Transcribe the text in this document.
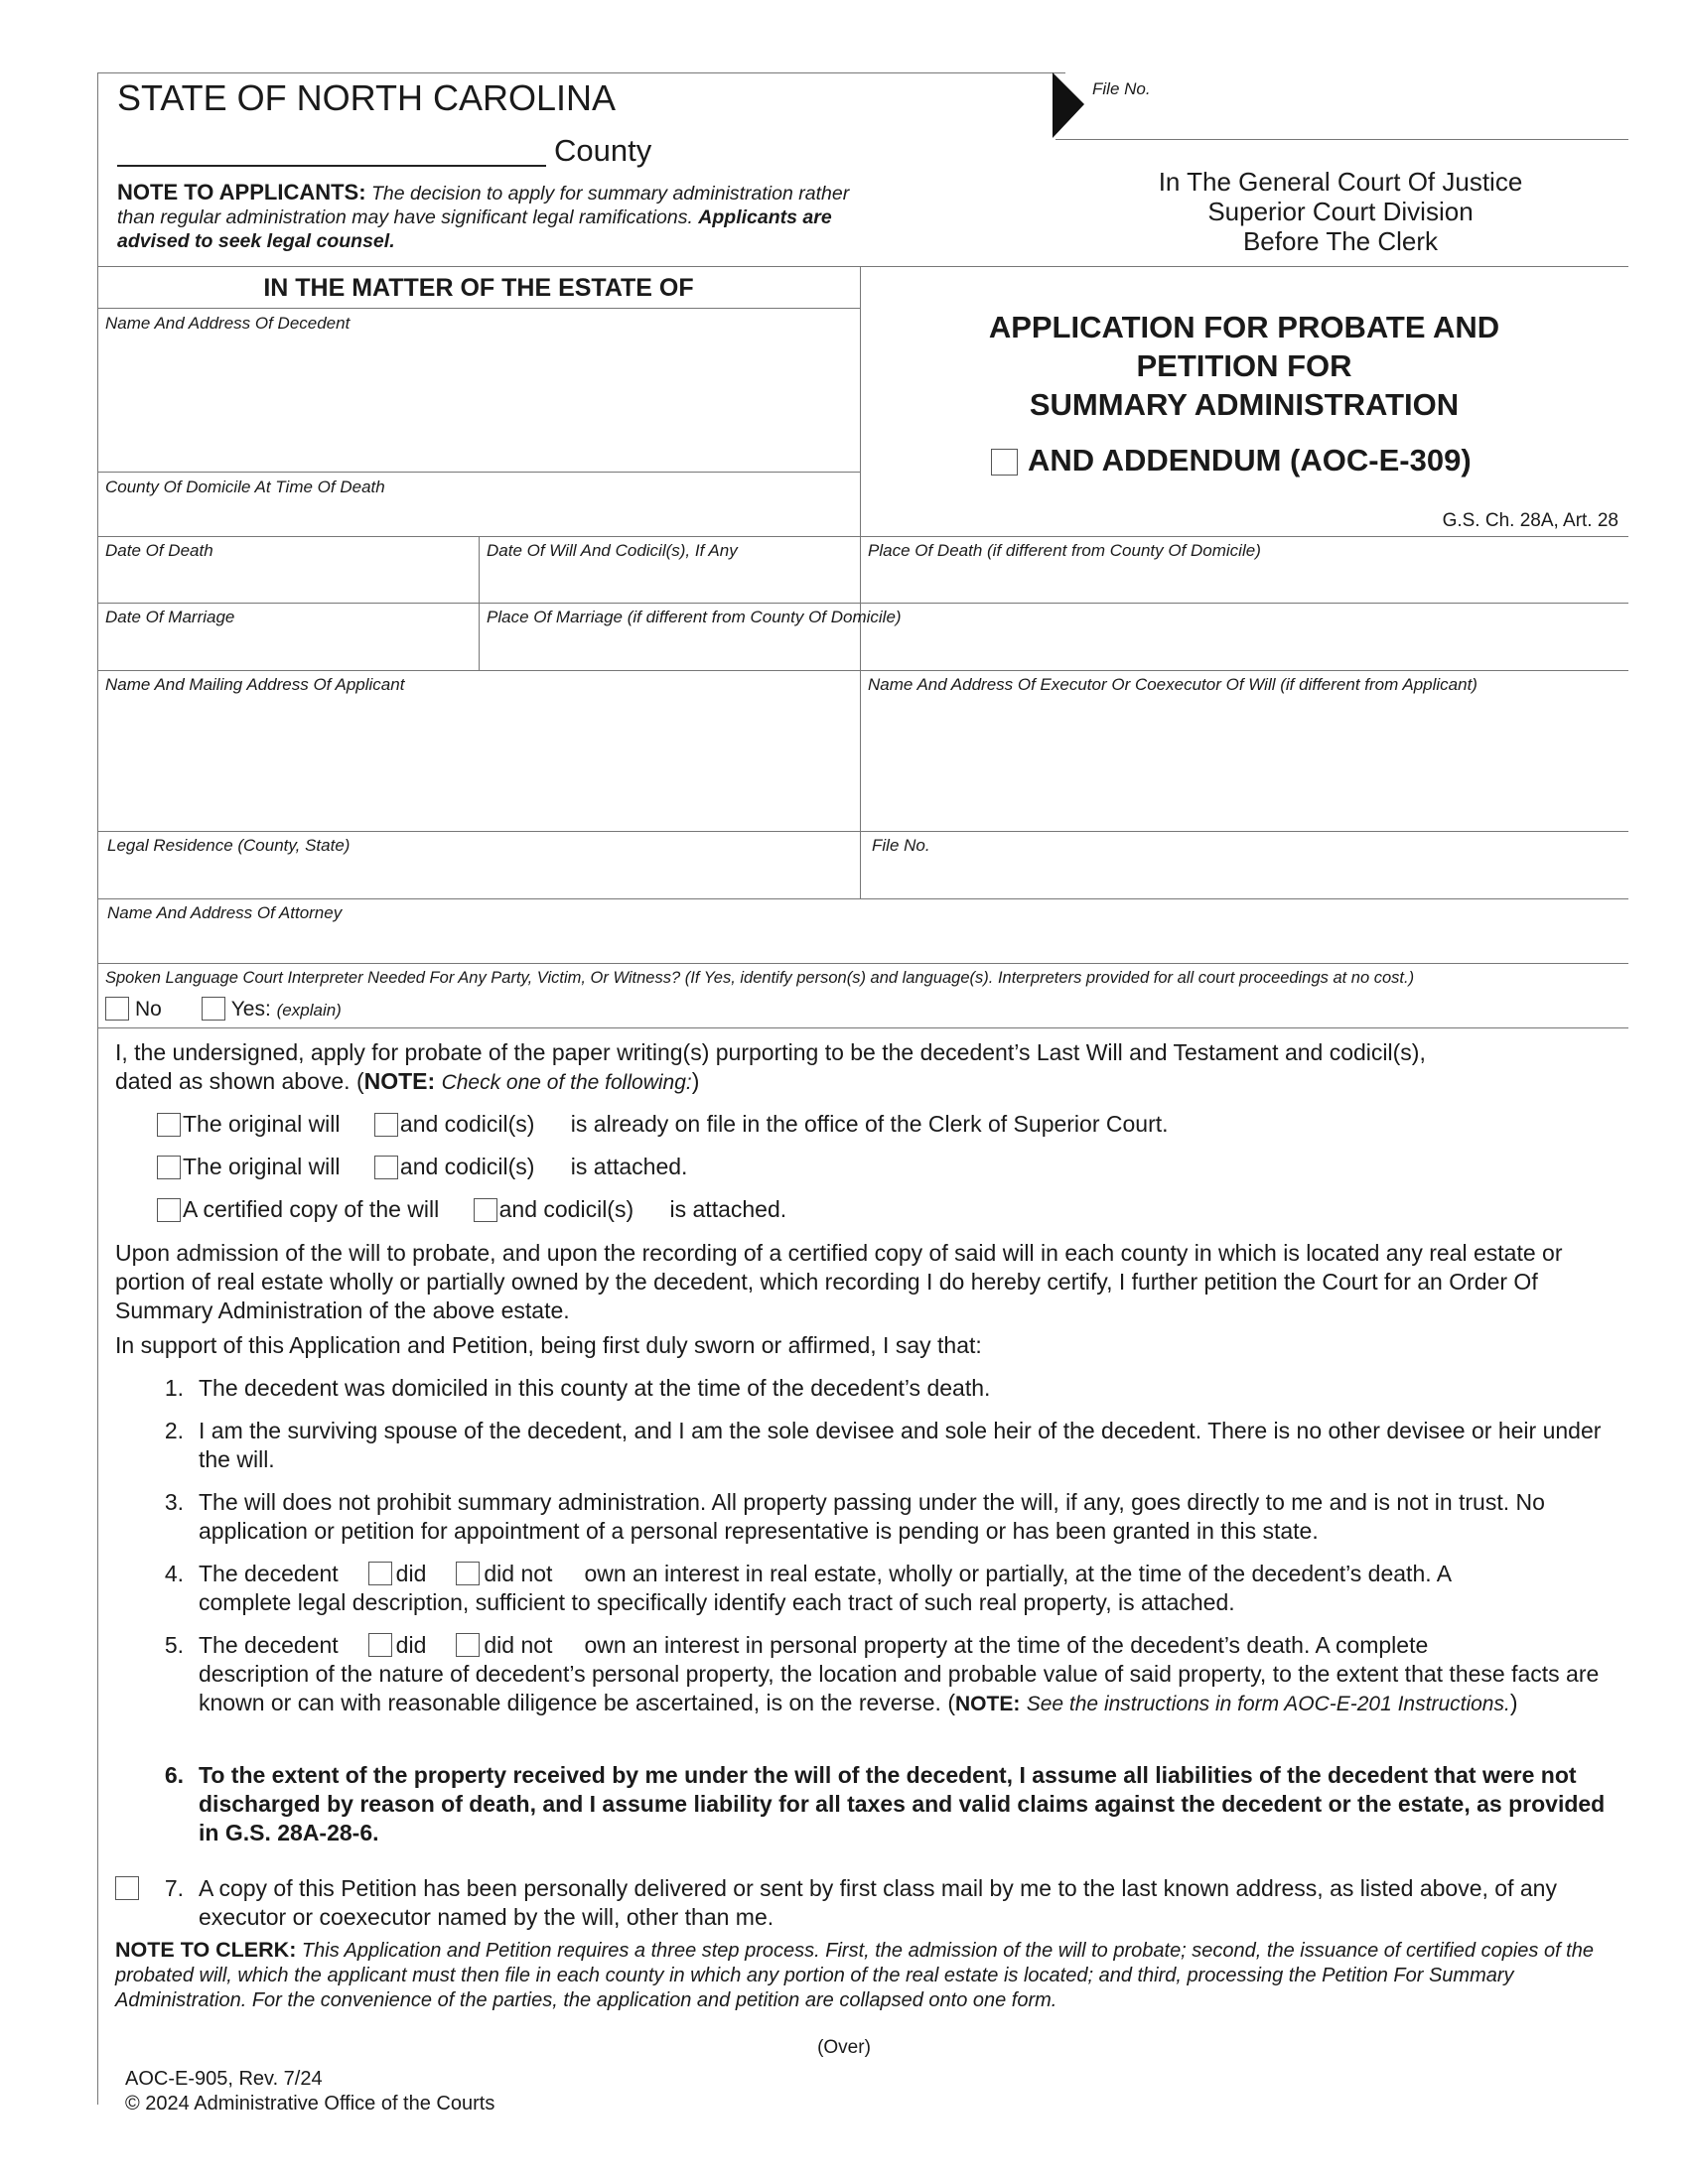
STATE OF NORTH CAROLINA
County
File No.
In The General Court Of Justice
Superior Court Division
Before The Clerk
NOTE TO APPLICANTS: The decision to apply for summary administration rather than regular administration may have significant legal ramifications. Applicants are advised to seek legal counsel.
IN THE MATTER OF THE ESTATE OF
Name And Address Of Decedent
County Of Domicile At Time Of Death
APPLICATION FOR PROBATE AND
PETITION FOR
SUMMARY ADMINISTRATION
AND ADDENDUM (AOC-E-309)
G.S. Ch. 28A, Art. 28
Date Of Death	Date Of Will And Codicil(s), If Any	Place Of Death (if different from County Of Domicile)
Date Of Marriage	Place Of Marriage (if different from County Of Domicile)
Name And Mailing Address Of Applicant	Name And Address Of Executor Or Coexecutor Of Will (if different from Applicant)
Legal Residence (County, State)	File No.
Name And Address Of Attorney
Spoken Language Court Interpreter Needed For Any Party, Victim, Or Witness? (If Yes, identify person(s) and language(s). Interpreters provided for all court proceedings at no cost.)
No	Yes: (explain)
I, the undersigned, apply for probate of the paper writing(s) purporting to be the decedent’s Last Will and Testament and codicil(s),
dated as shown above. (NOTE: Check one of the following:)
The original will	and codicil(s) is already on file in the office of the Clerk of Superior Court.
The original will	and codicil(s) is attached.
A certified copy of the will	and codicil(s) is attached.
Upon admission of the will to probate, and upon the recording of a certified copy of said will in each county in which is located any real estate or portion of real estate wholly or partially owned by the decedent, which recording I do hereby certify, I further petition the Court for an Order Of Summary Administration of the above estate.
In support of this Application and Petition, being first duly sworn or affirmed, I say that:
1. The decedent was domiciled in this county at the time of the decedent’s death.
2. I am the surviving spouse of the decedent, and I am the sole devisee and sole heir of the decedent. There is no other devisee or heir under the will.
3. The will does not prohibit summary administration. All property passing under the will, if any, goes directly to me and is not in trust. No application or petition for appointment of a personal representative is pending or has been granted in this state.
4. The decedent	did	did not own an interest in real estate, wholly or partially, at the time of the decedent’s death. A
complete legal description, sufficient to specifically identify each tract of such real property, is attached.
5. The decedent	did	did not own an interest in personal property at the time of the decedent’s death. A complete
description of the nature of decedent’s personal property, the location and probable value of said property, to the extent that these facts are known or can with reasonable diligence be ascertained, is on the reverse. (NOTE: See the instructions in form AOC-E-201 Instructions.)
6. To the extent of the property received by me under the will of the decedent, I assume all liabilities of the decedent that were not discharged by reason of death, and I assume liability for all taxes and valid claims against the decedent or the estate, as provided in G.S. 28A-28-6.
7. A copy of this Petition has been personally delivered or sent by first class mail by me to the last known address, as listed above, of any executor or coexecutor named by the will, other than me.
NOTE TO CLERK: This Application and Petition requires a three step process. First, the admission of the will to probate; second, the issuance of certified copies of the probated will, which the applicant must then file in each county in which any portion of the real estate is located; and third, processing the Petition For Summary Administration. For the convenience of the parties, the application and petition are collapsed onto one form.
(Over)
AOC-E-905, Rev. 7/24
© 2024 Administrative Office of the Courts
